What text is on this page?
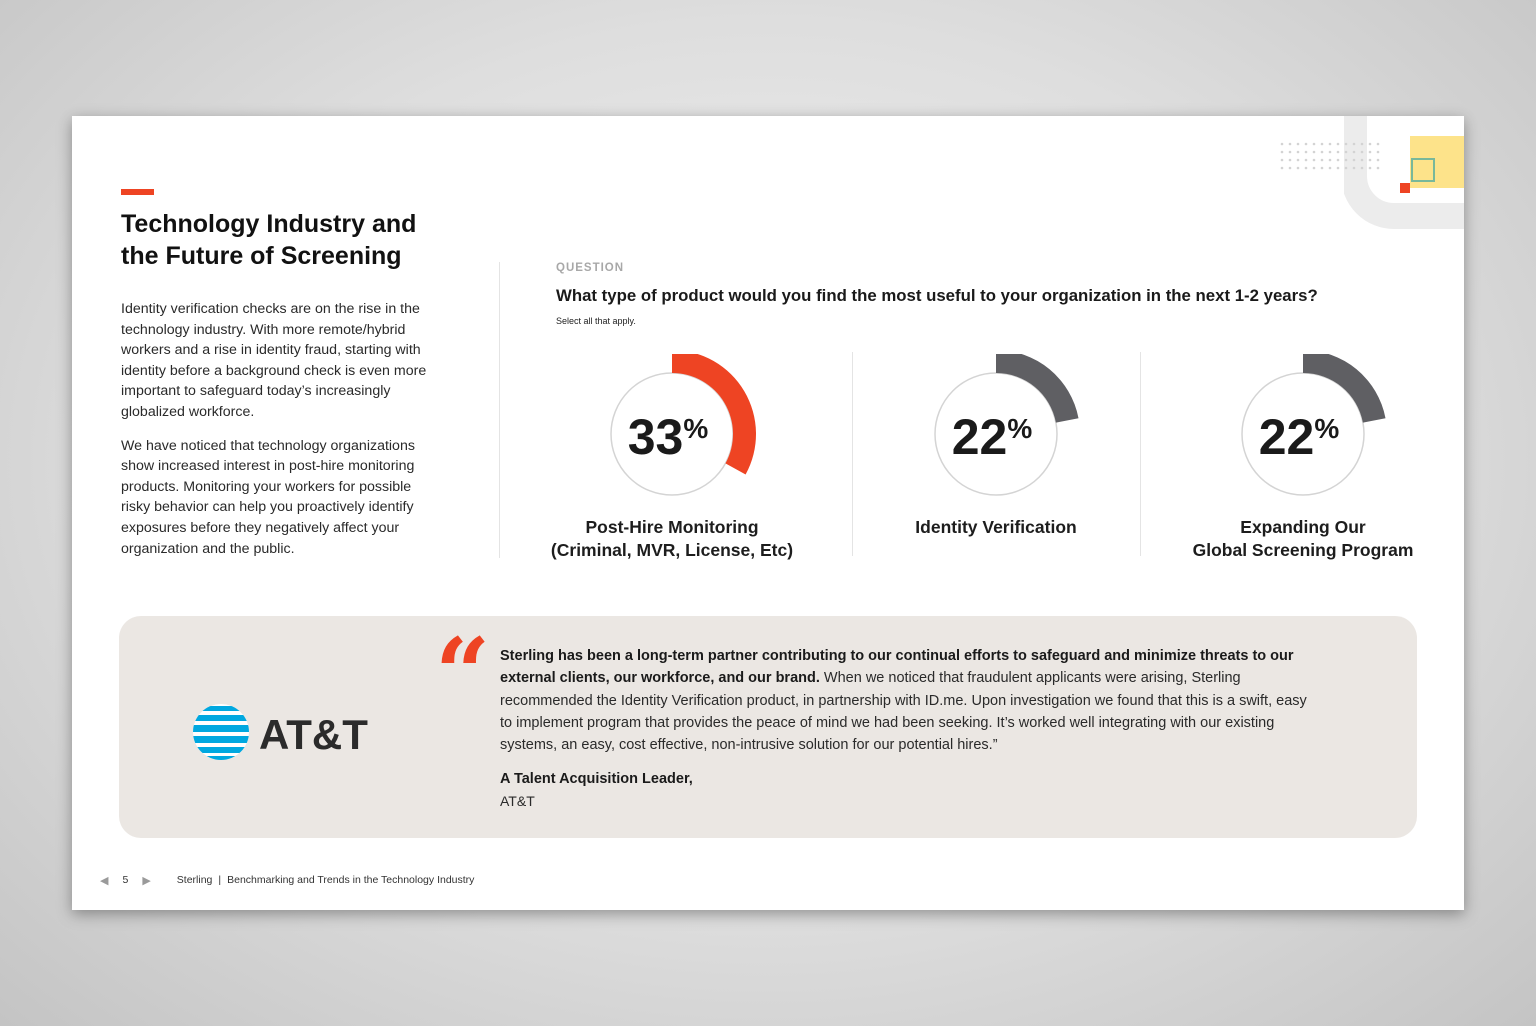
Technology Industry and
the Future of Screening

Identity verification checks are on the rise in the technology industry. With more remote/hybrid workers and a rise in identity fraud, starting with identity before a background check is even more important to safeguard today’s increasingly globalized workforce.

We have noticed that technology organizations show increased interest in post-hire monitoring products. Monitoring your workers for possible risky behavior can help you proactively identify exposures before they negatively affect your organization and the public.

QUESTION
What type of product would you find the most useful to your organization in the next 1-2 years?
Select all that apply.
33%
Post-Hire Monitoring
(Criminal, MVR, License, Etc)
22%
Identity Verification
22%
Expanding Our
Global Screening Program
AT&T
“ Sterling has been a long-term partner contributing to our continual efforts to safeguard and minimize threats to our external clients, our workforce, and our brand. When we noticed that fraudulent applicants were arising, Sterling recommended the Identity Verification product, in partnership with ID.me. Upon investigation we found that this is a swift, easy to implement program that provides the peace of mind we had been seeking. It’s worked well integrating with our existing systems, an easy, cost effective, non-intrusive solution for our potential hires.”

A Talent Acquisition Leader,
AT&T
◀ 5 ▶ Sterling | Benchmarking and Trends in the Technology Industry
